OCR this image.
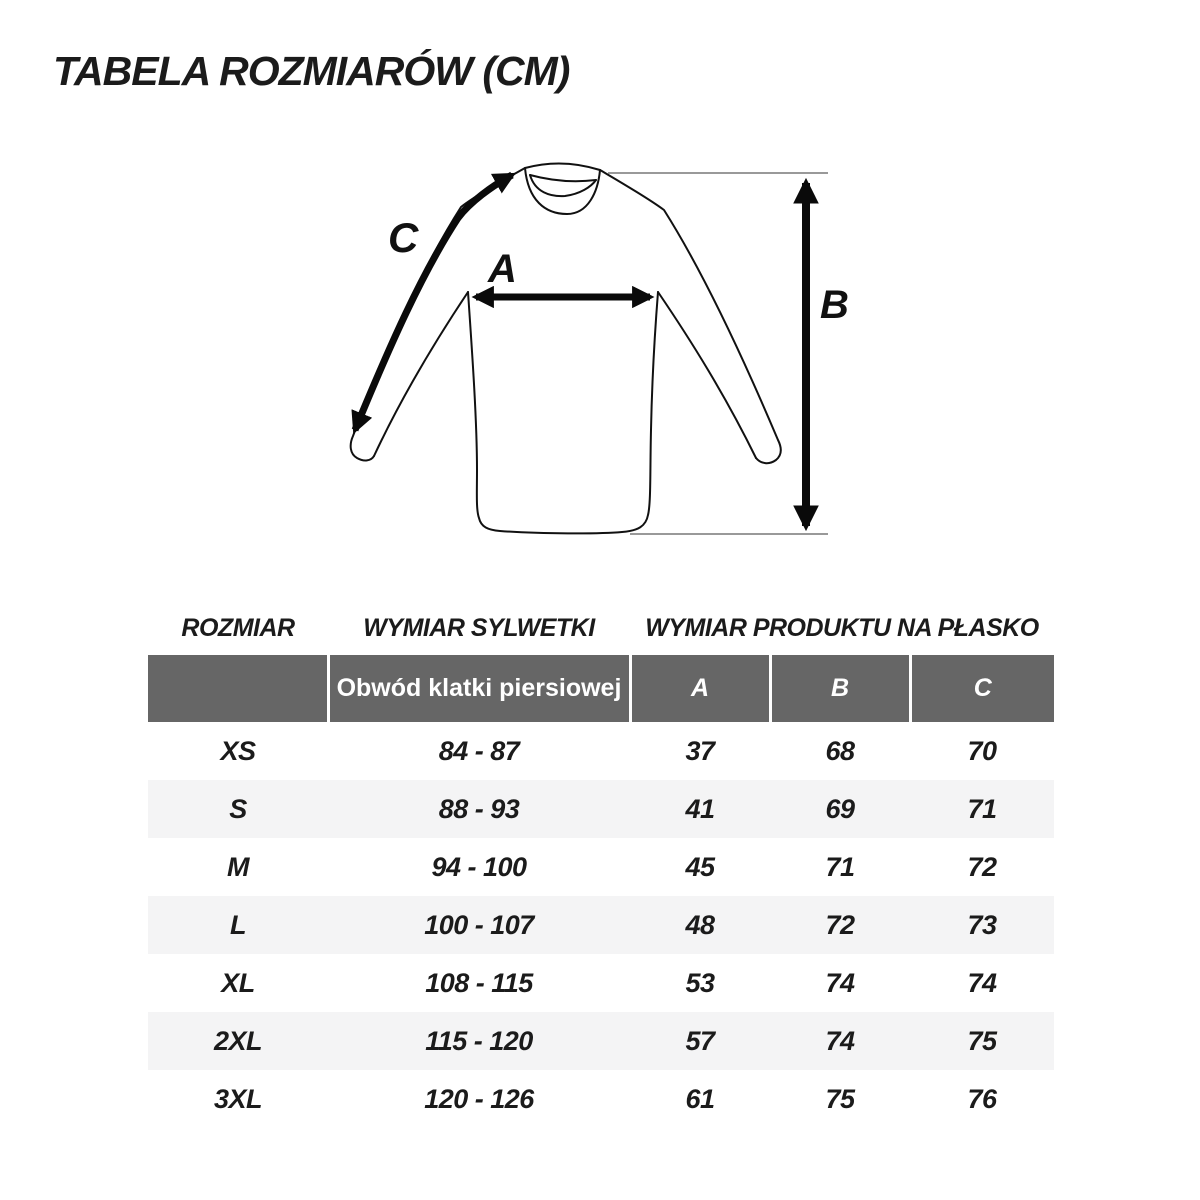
TABELA ROZMIARÓW (CM)
C
A
B
ROZMIAR	WYMIAR SYLWETKI	WYMIAR PRODUKTU NA PŁASKO
	Obwód klatki piersiowej	A	B	C
XS	84 - 87	37	68	70
S	88 - 93	41	69	71
M	94 - 100	45	71	72
L	100 - 107	48	72	73
XL	108 - 115	53	74	74
2XL	115 - 120	57	74	75
3XL	120 - 126	61	75	76
